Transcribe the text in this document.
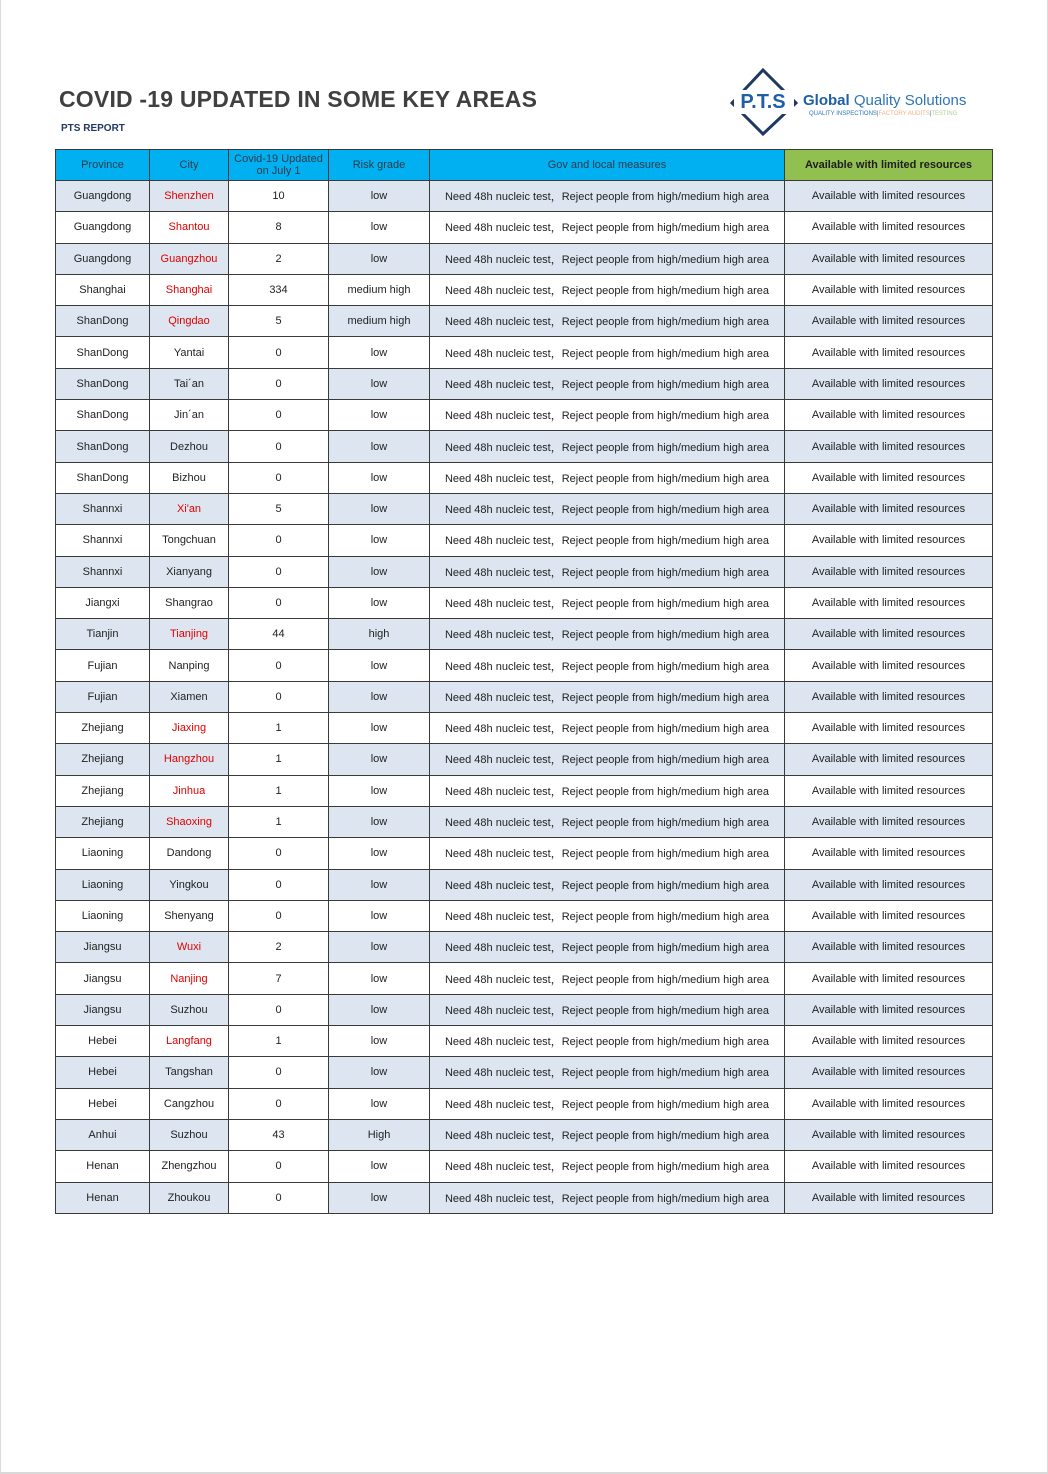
COVID -19 UPDATED IN SOME KEY AREAS
PTS REPORT
P.T.S Global Quality Solutions
QUALITY INSPECTIONS|FACTORY AUDITS|TESTING
Province	City	Covid-19 Updated on July 1	Risk grade	Gov and local measures	Available with limited resources
Guangdong	Shenzhen	10	low	Need 48h nucleic test，Reject people from high/medium high area	Available with limited resources
Guangdong	Shantou	8	low	Need 48h nucleic test，Reject people from high/medium high area	Available with limited resources
Guangdong	Guangzhou	2	low	Need 48h nucleic test，Reject people from high/medium high area	Available with limited resources
Shanghai	Shanghai	334	medium high	Need 48h nucleic test，Reject people from high/medium high area	Available with limited resources
ShanDong	Qingdao	5	medium high	Need 48h nucleic test，Reject people from high/medium high area	Available with limited resources
ShanDong	Yantai	0	low	Need 48h nucleic test，Reject people from high/medium high area	Available with limited resources
ShanDong	Tai´an	0	low	Need 48h nucleic test，Reject people from high/medium high area	Available with limited resources
ShanDong	Jin´an	0	low	Need 48h nucleic test，Reject people from high/medium high area	Available with limited resources
ShanDong	Dezhou	0	low	Need 48h nucleic test，Reject people from high/medium high area	Available with limited resources
ShanDong	Bizhou	0	low	Need 48h nucleic test，Reject people from high/medium high area	Available with limited resources
Shannxi	Xi'an	5	low	Need 48h nucleic test，Reject people from high/medium high area	Available with limited resources
Shannxi	Tongchuan	0	low	Need 48h nucleic test，Reject people from high/medium high area	Available with limited resources
Shannxi	Xianyang	0	low	Need 48h nucleic test，Reject people from high/medium high area	Available with limited resources
Jiangxi	Shangrao	0	low	Need 48h nucleic test，Reject people from high/medium high area	Available with limited resources
Tianjin	Tianjing	44	high	Need 48h nucleic test，Reject people from high/medium high area	Available with limited resources
Fujian	Nanping	0	low	Need 48h nucleic test，Reject people from high/medium high area	Available with limited resources
Fujian	Xiamen	0	low	Need 48h nucleic test，Reject people from high/medium high area	Available with limited resources
Zhejiang	Jiaxing	1	low	Need 48h nucleic test，Reject people from high/medium high area	Available with limited resources
Zhejiang	Hangzhou	1	low	Need 48h nucleic test，Reject people from high/medium high area	Available with limited resources
Zhejiang	Jinhua	1	low	Need 48h nucleic test，Reject people from high/medium high area	Available with limited resources
Zhejiang	Shaoxing	1	low	Need 48h nucleic test，Reject people from high/medium high area	Available with limited resources
Liaoning	Dandong	0	low	Need 48h nucleic test，Reject people from high/medium high area	Available with limited resources
Liaoning	Yingkou	0	low	Need 48h nucleic test，Reject people from high/medium high area	Available with limited resources
Liaoning	Shenyang	0	low	Need 48h nucleic test，Reject people from high/medium high area	Available with limited resources
Jiangsu	Wuxi	2	low	Need 48h nucleic test，Reject people from high/medium high area	Available with limited resources
Jiangsu	Nanjing	7	low	Need 48h nucleic test，Reject people from high/medium high area	Available with limited resources
Jiangsu	Suzhou	0	low	Need 48h nucleic test，Reject people from high/medium high area	Available with limited resources
Hebei	Langfang	1	low	Need 48h nucleic test，Reject people from high/medium high area	Available with limited resources
Hebei	Tangshan	0	low	Need 48h nucleic test，Reject people from high/medium high area	Available with limited resources
Hebei	Cangzhou	0	low	Need 48h nucleic test，Reject people from high/medium high area	Available with limited resources
Anhui	Suzhou	43	High	Need 48h nucleic test，Reject people from high/medium high area	Available with limited resources
Henan	Zhengzhou	0	low	Need 48h nucleic test，Reject people from high/medium high area	Available with limited resources
Henan	Zhoukou	0	low	Need 48h nucleic test，Reject people from high/medium high area	Available with limited resources
